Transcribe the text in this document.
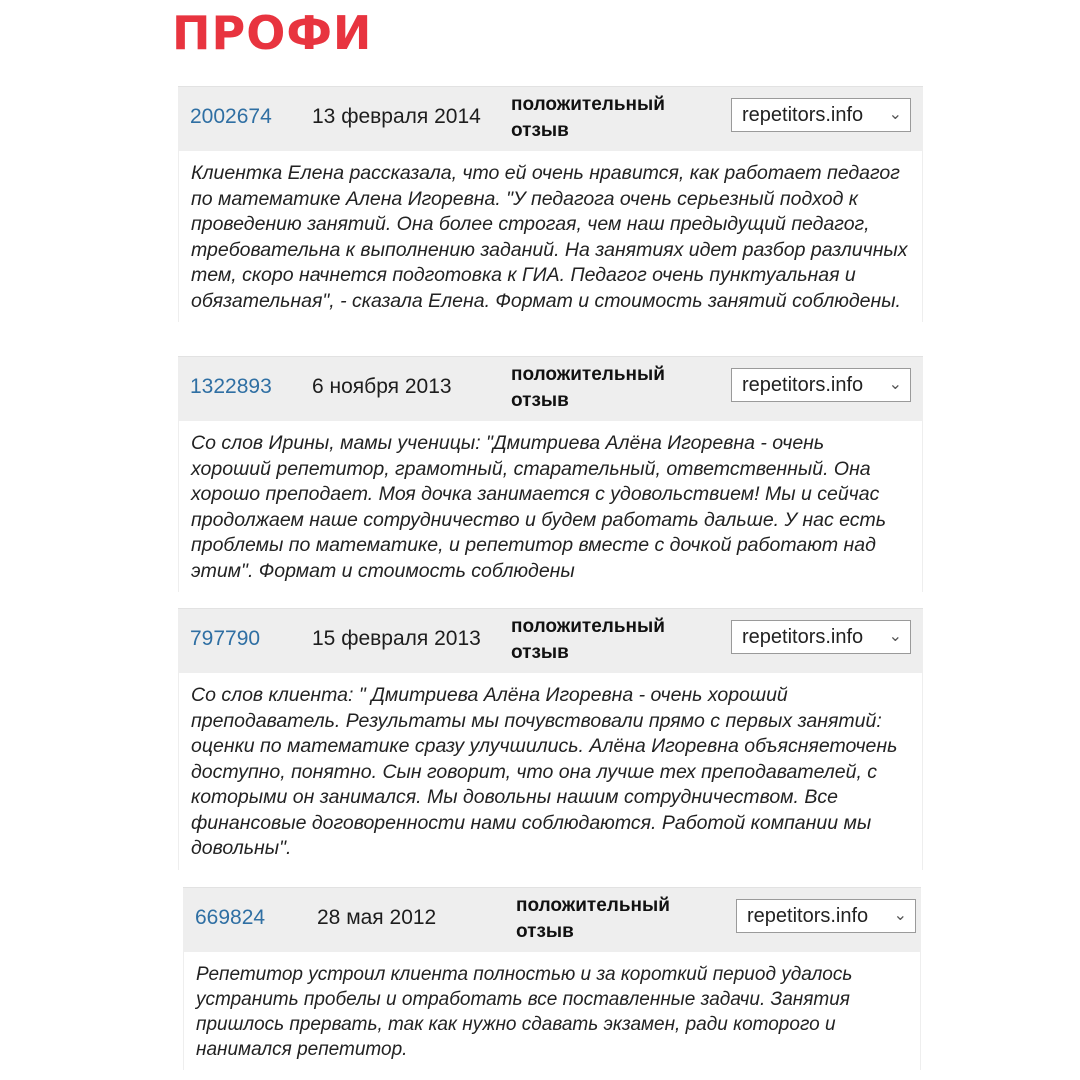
ПРОФИ
2002674 13 февраля 2014
положительный отзыв
repetitors.info ⌄
Клиентка Елена рассказала, что ей очень нравится, как работает педагог по математике Алена Игоревна. "У педагога очень серьезный подход к проведению занятий. Она более строгая, чем наш предыдущий педагог, требовательна к выполнению заданий. На занятиях идет разбор различных тем, скоро начнется подготовка к ГИА. Педагог очень пунктуальная и обязательная", - сказала Елена. Формат и стоимость занятий соблюдены.
1322893 6 ноября 2013
положительный отзыв
repetitors.info ⌄
Со слов Ирины, мамы ученицы: "Дмитриева Алёна Игоревна - очень хороший репетитор, грамотный, старательный, ответственный. Она хорошо преподает. Моя дочка занимается с удовольствием! Мы и сейчас продолжаем наше сотрудничество и будем работать дальше. У нас есть проблемы по математике, и репетитор вместе с дочкой работают над этим". Формат и стоимость соблюдены
797790 15 февраля 2013
положительный отзыв
repetitors.info ⌄
Со слов клиента: " Дмитриева Алёна Игоревна - очень хороший преподаватель. Результаты мы почувствовали прямо с первых занятий: оценки по математике сразу улучшились. Алёна Игоревна объясняеточень доступно, понятно. Сын говорит, что она лучше тех преподавателей, с которыми он занимался. Мы довольны нашим сотрудничеством. Все финансовые договоренности нами соблюдаются. Работой компании мы довольны".
669824 28 мая 2012
положительный отзыв
repetitors.info ⌄
Репетитор устроил клиента полностью и за короткий период удалось устранить пробелы и отработать все поставленные задачи. Занятия пришлось прервать, так как нужно сдавать экзамен, ради которого и нанимался репетитор.
